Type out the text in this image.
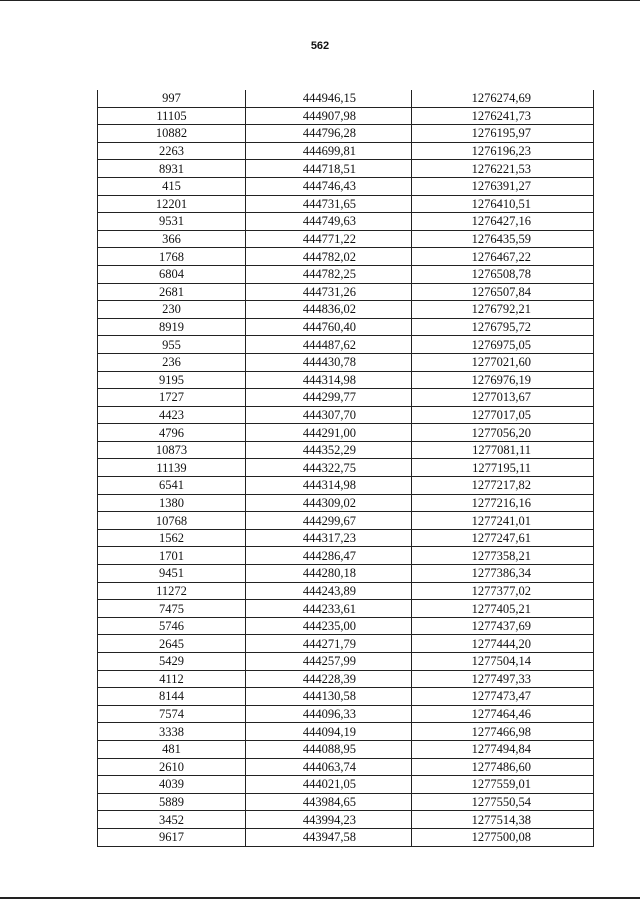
562
997	444946,15	1276274,69
11105	444907,98	1276241,73
10882	444796,28	1276195,97
2263	444699,81	1276196,23
8931	444718,51	1276221,53
415	444746,43	1276391,27
12201	444731,65	1276410,51
9531	444749,63	1276427,16
366	444771,22	1276435,59
1768	444782,02	1276467,22
6804	444782,25	1276508,78
2681	444731,26	1276507,84
230	444836,02	1276792,21
8919	444760,40	1276795,72
955	444487,62	1276975,05
236	444430,78	1277021,60
9195	444314,98	1276976,19
1727	444299,77	1277013,67
4423	444307,70	1277017,05
4796	444291,00	1277056,20
10873	444352,29	1277081,11
11139	444322,75	1277195,11
6541	444314,98	1277217,82
1380	444309,02	1277216,16
10768	444299,67	1277241,01
1562	444317,23	1277247,61
1701	444286,47	1277358,21
9451	444280,18	1277386,34
11272	444243,89	1277377,02
7475	444233,61	1277405,21
5746	444235,00	1277437,69
2645	444271,79	1277444,20
5429	444257,99	1277504,14
4112	444228,39	1277497,33
8144	444130,58	1277473,47
7574	444096,33	1277464,46
3338	444094,19	1277466,98
481	444088,95	1277494,84
2610	444063,74	1277486,60
4039	444021,05	1277559,01
5889	443984,65	1277550,54
3452	443994,23	1277514,38
9617	443947,58	1277500,08
